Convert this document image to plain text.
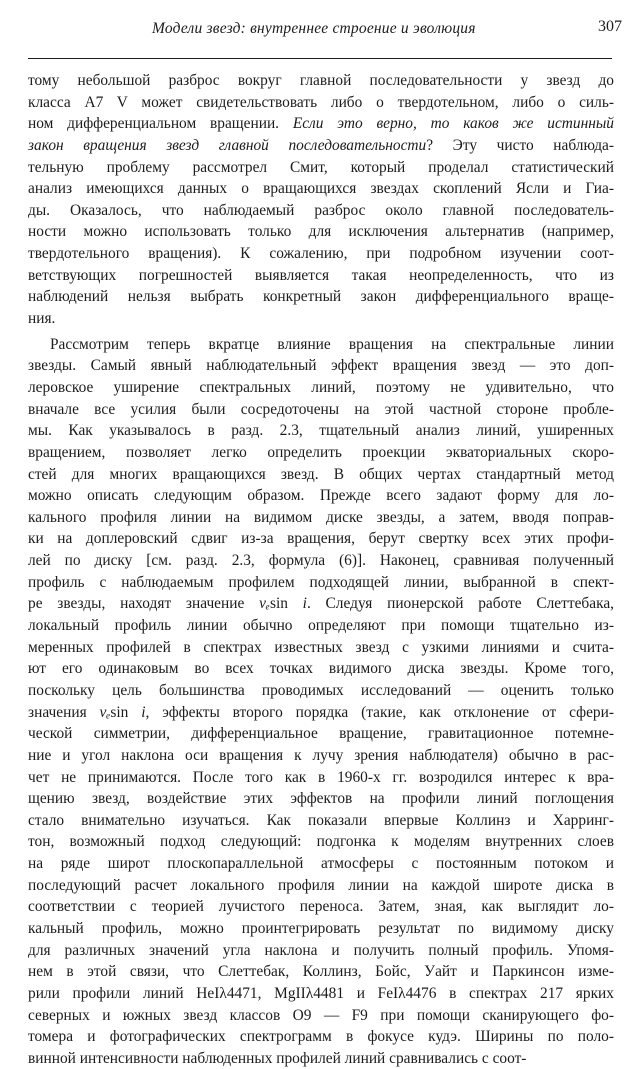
Модели звезд: внутреннее строение и эволюция	307
тому небольшой разброс вокруг главной последовательности у звезд до
класса A7 V может свидетельствовать либо о твердотельном, либо о силь-
ном дифференциальном вращении. Если это верно, то каков же истинный
закон вращения звезд главной последовательности? Эту чисто наблюда-
тельную проблему рассмотрел Смит, который проделал статистический
анализ имеющихся данных о вращающихся звездах скоплений Ясли и Гиа-
ды. Оказалось, что наблюдаемый разброс около главной последователь-
ности можно использовать только для исключения альтернатив (например,
твердотельного вращения). К сожалению, при подробном изучении соот-
ветствующих погрешностей выявляется такая неопределенность, что из
наблюдений нельзя выбрать конкретный закон дифференциального враще-
ния.
Рассмотрим теперь вкратце влияние вращения на спектральные линии
звезды. Самый явный наблюдательный эффект вращения звезд — это доп-
леровское уширение спектральных линий, поэтому не удивительно, что
вначале все усилия были сосредоточены на этой частной стороне пробле-
мы. Как указывалось в разд. 2.3, тщательный анализ линий, уширенных
вращением, позволяет легко определить проекции экваториальных скоро-
стей для многих вращающихся звезд. В общих чертах стандартный метод
можно описать следующим образом. Прежде всего задают форму для ло-
кального профиля линии на видимом диске звезды, а затем, вводя поправ-
ки на доплеровский сдвиг из-за вращения, берут свертку всех этих профи-
лей по диску [см. разд. 2.3, формула (6)]. Наконец, сравнивая полученный
профиль с наблюдаемым профилем подходящей линии, выбранной в спект-
ре звезды, находят значение vₑsin i. Следуя пионерской работе Слеттебака,
локальный профиль линии обычно определяют при помощи тщательно из-
меренных профилей в спектрах известных звезд с узкими линиями и счита-
ют его одинаковым во всех точках видимого диска звезды. Кроме того,
поскольку цель большинства проводимых исследований — оценить только
значения vₑsin i, эффекты второго порядка (такие, как отклонение от сфери-
ческой симметрии, дифференциальное вращение, гравитационное потемне-
ние и угол наклона оси вращения к лучу зрения наблюдателя) обычно в рас-
чет не принимаются. После того как в 1960-х гг. возродился интерес к вра-
щению звезд, воздействие этих эффектов на профили линий поглощения
стало внимательно изучаться. Как показали впервые Коллинз и Харринг-
тон, возможный подход следующий: подгонка к моделям внутренних слоев
на ряде широт плоскопараллельной атмосферы с постоянным потоком и
последующий расчет локального профиля линии на каждой широте диска в
соответствии с теорией лучистого переноса. Затем, зная, как выглядит ло-
кальный профиль, можно проинтегрировать результат по видимому диску
для различных значений угла наклона и получить полный профиль. Упомя-
нем в этой связи, что Слеттебак, Коллинз, Бойс, Уайт и Паркинсон изме-
рили профили линий HeIλ4471, MgIIλ4481 и FeIλ4476 в спектрах 217 ярких
северных и южных звезд классов O9 — F9 при помощи сканирующего фо-
томера и фотографических спектрограмм в фокусе кудэ. Ширины по поло-
винной интенсивности наблюденных профилей линий сравнивались с соот-
